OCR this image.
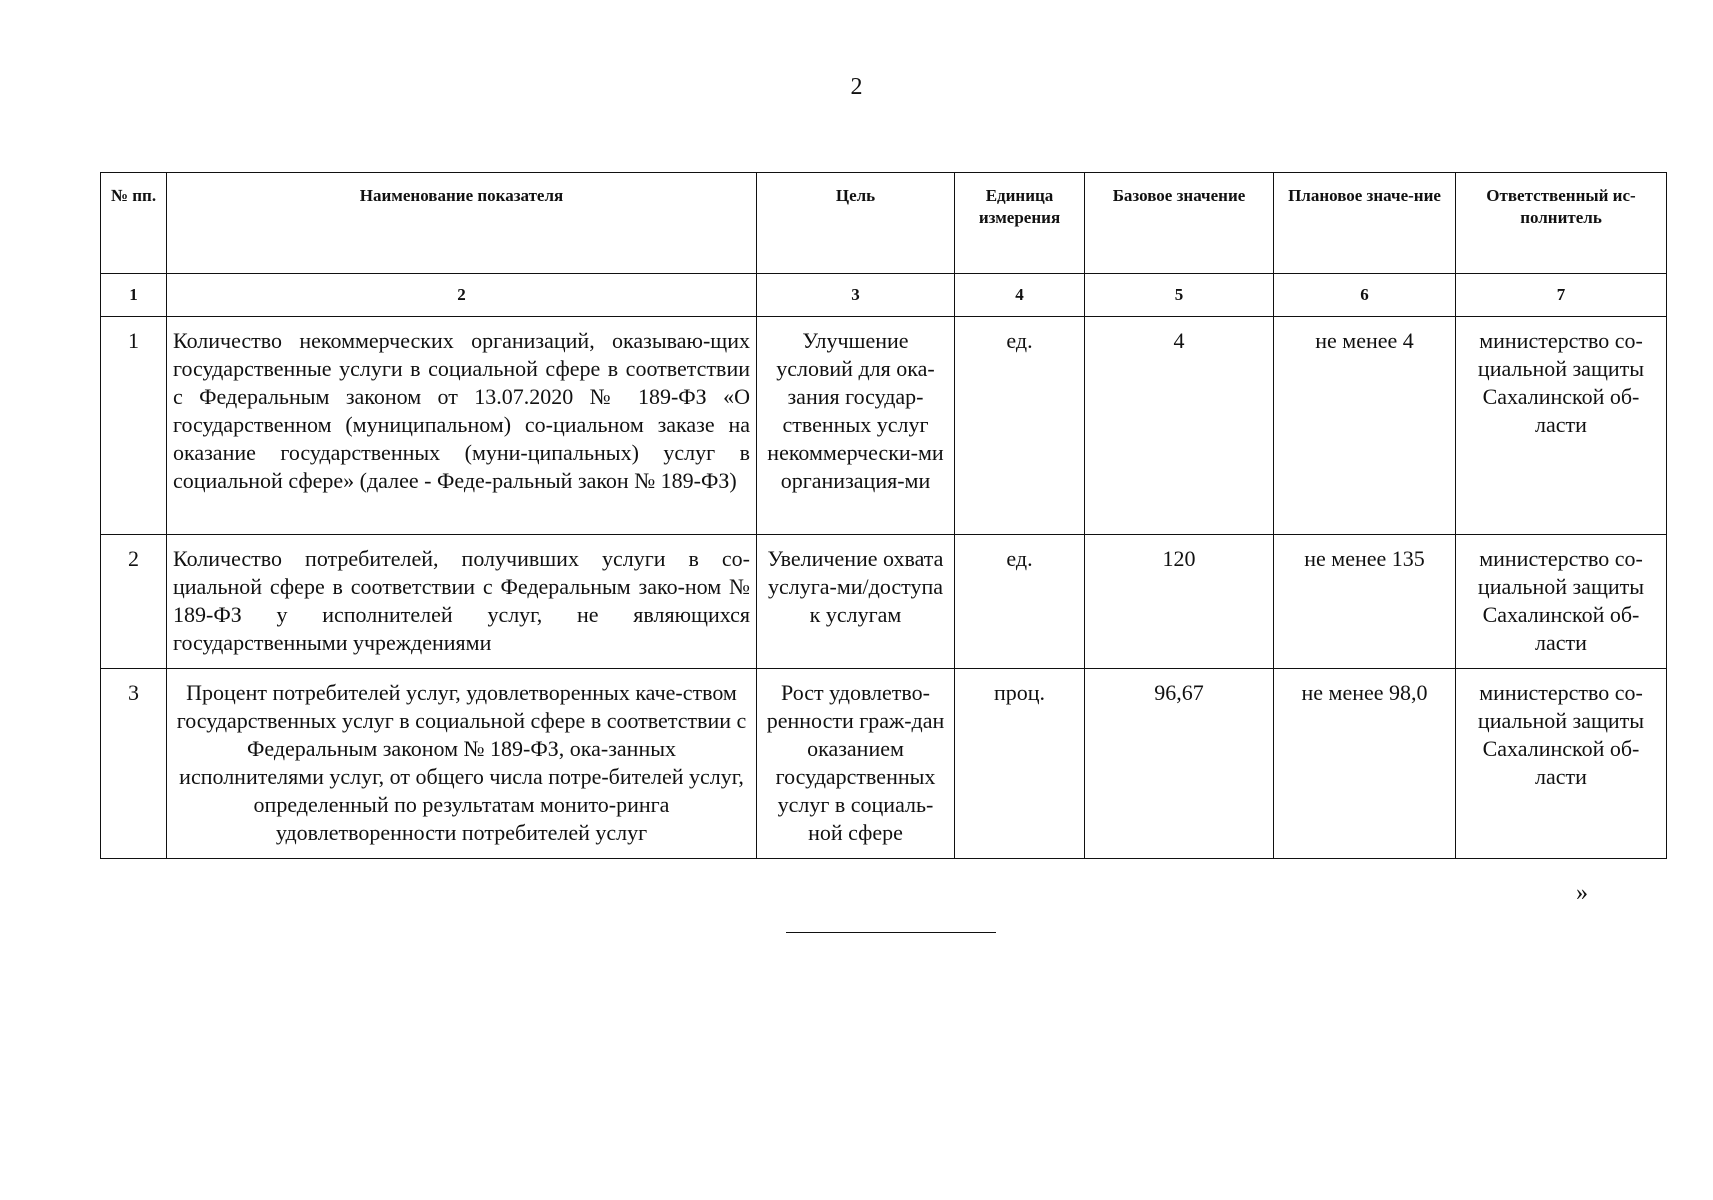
2
№ пп.	Наименование показателя	Цель	Единица измерения	Базовое значение	Плановое значе-ние	Ответственный ис-полнитель
1	2	3	4	5	6	7
1	Количество некоммерческих организаций, оказываю-щих государственные услуги в социальной сфере в соответствии с Федеральным законом от 13.07.2020 № 189-ФЗ «О государственном (муниципальном) со-циальном заказе на оказание государственных (муни-ципальных) услуг в социальной сфере» (далее - Феде-ральный закон № 189-ФЗ)	Улучшение условий для ока-зания государ-ственных услуг некоммерчески-ми организация-ми	ед.	4	не менее 4	министерство со-циальной защиты Сахалинской об-ласти
2	Количество потребителей, получивших услуги в со-циальной сфере в соответствии с Федеральным зако-ном № 189-ФЗ у исполнителей услуг, не являющихся государственными учреждениями	Увеличение охвата услуга-ми/доступа к услугам	ед.	120	не менее 135	министерство со-циальной защиты Сахалинской об-ласти
3	Процент потребителей услуг, удовлетворенных каче-ством государственных услуг в социальной сфере в соответствии с Федеральным законом № 189-ФЗ, ока-занных исполнителями услуг, от общего числа потре-бителей услуг, определенный по результатам монито-ринга удовлетворенности потребителей услуг	Рост удовлетво-ренности граж-дан оказанием государственных услуг в социаль-ной сфере	проц.	96,67	не менее 98,0	министерство со-циальной защиты Сахалинской об-ласти
»
